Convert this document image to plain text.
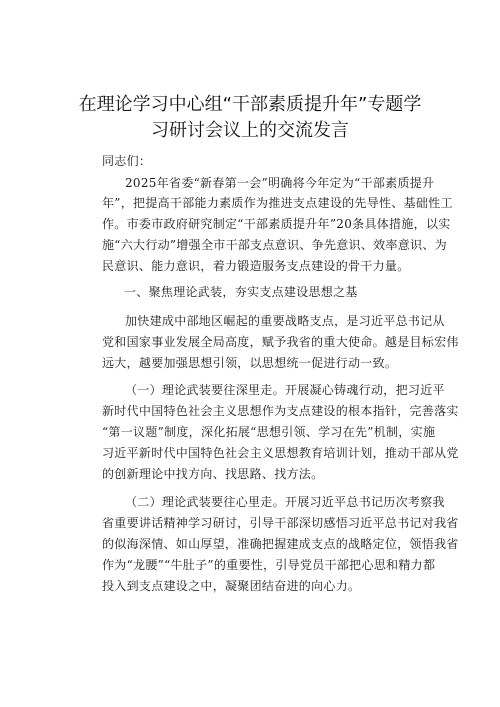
在理论学习中心组“干部素质提升年”专题学
习研讨会议上的交流发言
同志们：
2025年省委“新春第一会”明确将今年定为“干部素质提升
年”，把提高干部能力素质作为推进支点建设的先导性、基础性工
作。市委市政府研究制定“干部素质提升年”20条具体措施，以实
施“六大行动”增强全市干部支点意识、争先意识、效率意识、为
民意识、能力意识，着力锻造服务支点建设的骨干力量。
一、聚焦理论武装，夯实支点建设思想之基
加快建成中部地区崛起的重要战略支点，是习近平总书记从
党和国家事业发展全局高度，赋予我省的重大使命。越是目标宏伟
远大，越要加强思想引领，以思想统一促进行动一致。
（一）理论武装要往深里走。开展凝心铸魂行动，把习近平
新时代中国特色社会主义思想作为支点建设的根本指针，完善落实
“第一议题”制度，深化拓展“思想引领、学习在先”机制，实施
习近平新时代中国特色社会主义思想教育培训计划，推动干部从党
的创新理论中找方向、找思路、找方法。
（二）理论武装要往心里走。开展习近平总书记历次考察我
省重要讲话精神学习研讨，引导干部深切感悟习近平总书记对我省
的似海深情、如山厚望，准确把握建成支点的战略定位，领悟我省
作为“龙腰”“牛肚子”的重要性，引导党员干部把心思和精力都
投入到支点建设之中，凝聚团结奋进的向心力。
